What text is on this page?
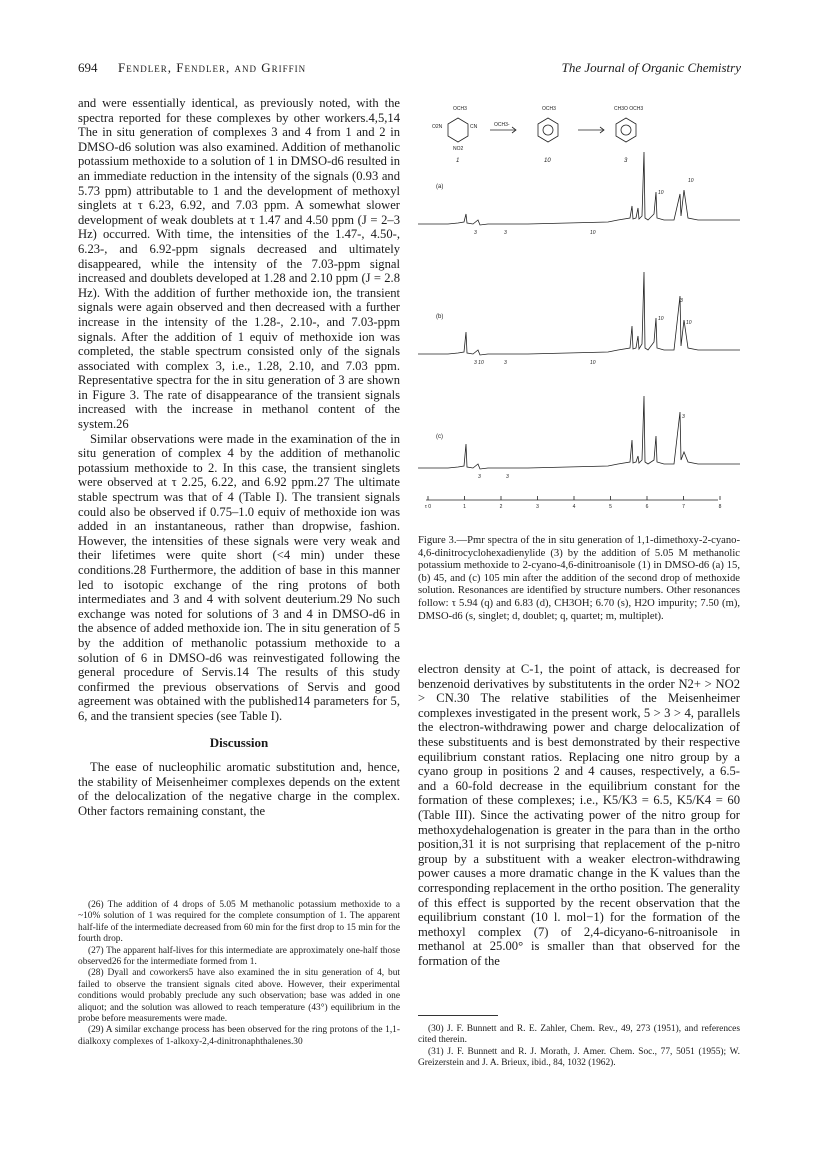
694 Fendler, Fendler, and Griffin	The Journal of Organic Chemistry

and were essentially identical, as previously noted, with the spectra reported for these complexes by other workers.4,5,14 The in situ generation of complexes 3 and 4 from 1 and 2 in DMSO-d6 solution was also examined. Addition of methanolic potassium methoxide to a solution of 1 in DMSO-d6 resulted in an immediate reduction in the intensity of the signals (0.93 and 5.73 ppm) attributable to 1 and the development of methoxyl singlets at τ 6.23, 6.92, and 7.03 ppm. A somewhat slower development of weak doublets at τ 1.47 and 4.50 ppm (J = 2–3 Hz) occurred. With time, the intensities of the 1.47-, 4.50-, 6.23-, and 6.92-ppm signals decreased and ultimately disappeared, while the intensity of the 7.03-ppm signal increased and doublets developed at 1.28 and 2.10 ppm (J = 2.8 Hz). With the addition of further methoxide ion, the transient signals were again observed and then decreased with a further increase in the intensity of the 1.28-, 2.10-, and 7.03-ppm signals. After the addition of 1 equiv of methoxide ion was completed, the stable spectrum consisted only of the signals associated with complex 3, i.e., 1.28, 2.10, and 7.03 ppm. Representative spectra for the in situ generation of 3 are shown in Figure 3. The rate of disappearance of the transient signals increased with the increase in methanol content of the system.26

Similar observations were made in the examination of the in situ generation of complex 4 by the addition of methanolic potassium methoxide to 2. In this case, the transient singlets were observed at τ 2.25, 6.22, and 6.92 ppm.27 The ultimate stable spectrum was that of 4 (Table I). The transient signals could also be observed if 0.75–1.0 equiv of methoxide ion was added in an instantaneous, rather than dropwise, fashion. However, the intensities of these signals were very weak and their lifetimes were quite short (<4 min) under these conditions.28 Furthermore, the addition of base in this manner led to isotopic exchange of the ring protons of both intermediates and 3 and 4 with solvent deuterium.29 No such exchange was noted for solutions of 3 and 4 in DMSO-d6 in the absence of added methoxide ion. The in situ generation of 5 by the addition of methanolic potassium methoxide to a solution of 6 in DMSO-d6 was reinvestigated following the general procedure of Servis.14 The results of this study confirmed the previous observations of Servis and good agreement was obtained with the published14 parameters for 5, 6, and the transient species (see Table I).

Discussion

The ease of nucleophilic aromatic substitution and, hence, the stability of Meisenheimer complexes depends on the extent of the delocalization of the negative charge in the complex. Other factors remaining constant, the

(26) The addition of 4 drops of 5.05 M methanolic potassium methoxide to a ~10% solution of 1 was required for the complete consumption of 1. The apparent half-life of the intermediate decreased from 60 min for the first drop to 15 min for the fourth drop.

(27) The apparent half-lives for this intermediate are approximately one-half those observed26 for the intermediate formed from 1.

(28) Dyall and coworkers5 have also examined the in situ generation of 4, but failed to observe the transient signals cited above. However, their experimental conditions would probably preclude any such observation; base was added in one aliquot; and the solution was allowed to reach temperature (43°) equilibrium in the probe before measurements were made.

(29) A similar exchange process has been observed for the ring protons of the 1,1-dialkoxy complexes of 1-alkoxy-2,4-dinitronaphthalenes.30

OCH3
O2N	CN
NO2
OCH3-
OCH3	CH3O OCH3
1	10	3
(a)
(b)
(c)
10
10
3	3	10
3
10
10
3 10	3	10
3
3	3
τ 0	1	2	3	4	5	6	7	8
Figure 3.—Pmr spectra of the in situ generation of 1,1-dimethoxy-2-cyano-4,6-dinitrocyclohexadienylide (3) by the addition of 5.05 M methanolic potassium methoxide to 2-cyano-4,6-dinitroanisole (1) in DMSO-d6 (a) 15, (b) 45, and (c) 105 min after the addition of the second drop of methoxide solution. Resonances are identified by structure numbers. Other resonances follow: τ 5.94 (q) and 6.83 (d), CH3OH; 6.70 (s), H2O impurity; 7.50 (m), DMSO-d6 (s, singlet; d, doublet; q, quartet; m, multiplet).

electron density at C-1, the point of attack, is decreased for benzenoid derivatives by substitutents in the order N2+ > NO2 > CN.30 The relative stabilities of the Meisenheimer complexes investigated in the present work, 5 > 3 > 4, parallels the electron-withdrawing power and charge delocalization of these substituents and is best demonstrated by their respective equilibrium constant ratios. Replacing one nitro group by a cyano group in positions 2 and 4 causes, respectively, a 6.5- and a 60-fold decrease in the equilibrium constant for the formation of these complexes; i.e., K5/K3 = 6.5, K5/K4 = 60 (Table III). Since the activating power of the nitro group for methoxydehalogenation is greater in the para than in the ortho position,31 it is not surprising that replacement of the p-nitro group by a substituent with a weaker electron-withdrawing power causes a more dramatic change in the K values than the corresponding replacement in the ortho position. The generality of this effect is supported by the recent observation that the equilibrium constant (10 l. mol−1) for the formation of the methoxyl complex (7) of 2,4-dicyano-6-nitroanisole in methanol at 25.00° is smaller than that observed for the formation of the

(30) J. F. Bunnett and R. E. Zahler, Chem. Rev., 49, 273 (1951), and references cited therein.

(31) J. F. Bunnett and R. J. Morath, J. Amer. Chem. Soc., 77, 5051 (1955); W. Greizerstein and J. A. Brieux, ibid., 84, 1032 (1962).
